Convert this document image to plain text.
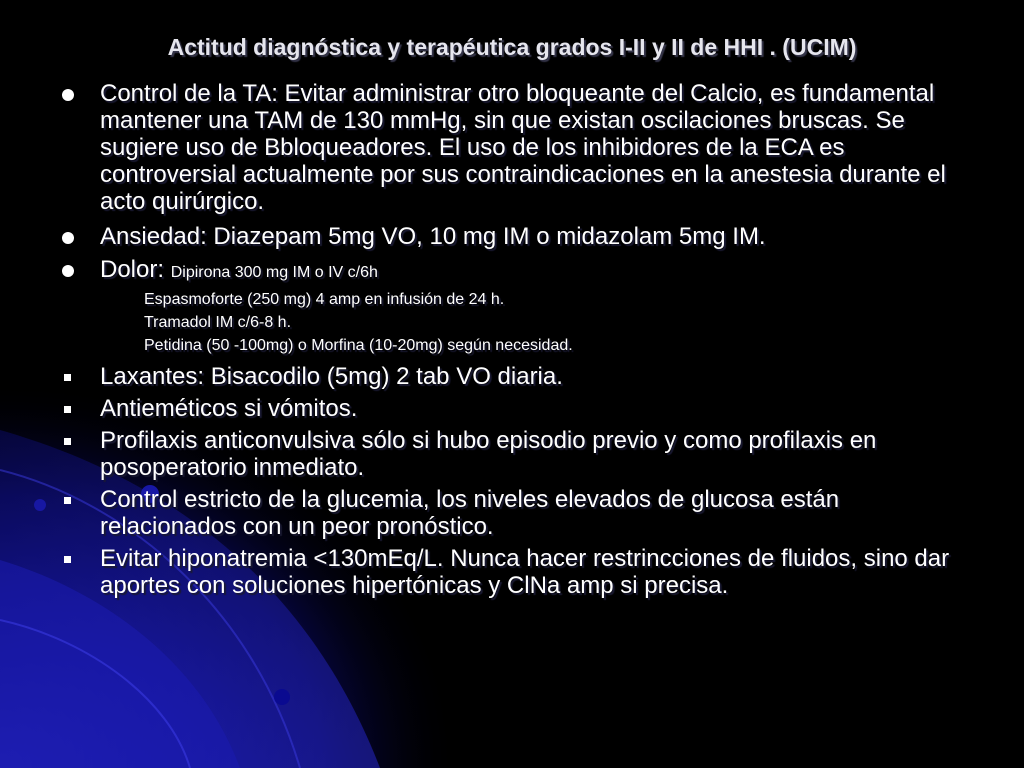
Actitud diagnóstica y terapéutica grados I-II y II de HHI . (UCIM)
Control de la TA: Evitar administrar otro bloqueante del Calcio, es fundamental mantener una TAM de 130 mmHg, sin que existan oscilaciones bruscas. Se sugiere uso de Bbloqueadores. El uso de los inhibidores de la ECA es controversial actualmente por sus contraindicaciones en la anestesia durante el acto quirúrgico.
Ansiedad: Diazepam 5mg VO, 10 mg IM o midazolam 5mg IM.
Dolor: Dipirona 300 mg IM o IV c/6h
Espasmoforte (250 mg) 4 amp en infusión de 24 h.
Tramadol IM c/6-8 h.
Petidina (50 -100mg) o Morfina (10-20mg) según necesidad.
Laxantes: Bisacodilo (5mg) 2 tab VO diaria.
Antieméticos si vómitos.
Profilaxis anticonvulsiva sólo si hubo episodio previo y como profilaxis en posoperatorio inmediato.
Control estricto de la glucemia, los niveles elevados de glucosa están relacionados con un peor pronóstico.
Evitar hiponatremia <130mEq/L. Nunca hacer restrincciones de fluidos, sino dar aportes con soluciones hipertónicas y ClNa amp si precisa.
